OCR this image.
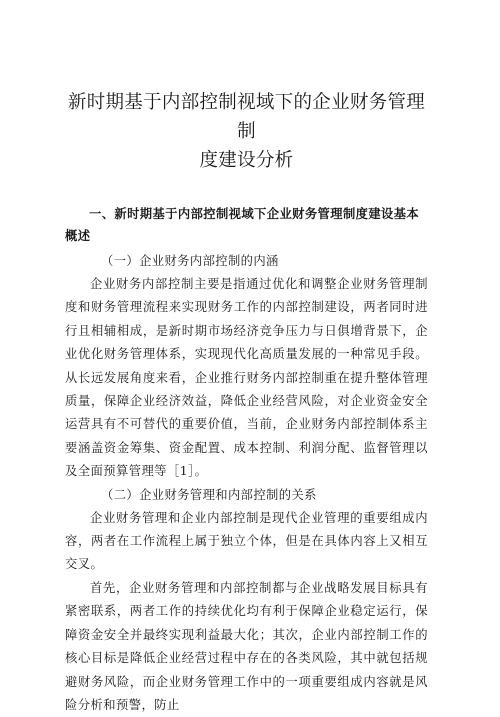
新时期基于内部控制视域下的企业财务管理制
度建设分析

一、新时期基于内部控制视域下企业财务管理制度建设基本概述

（一）企业财务内部控制的内涵

企业财务内部控制主要是指通过优化和调整企业财务管理制度和财务管理流程来实现财务工作的内部控制建设，两者同时进行且相辅相成，是新时期市场经济竞争压力与日俱增背景下，企业优化财务管理体系，实现现代化高质量发展的一种常见手段。从长远发展角度来看，企业推行财务内部控制重在提升整体管理质量，保障企业经济效益，降低企业经营风险，对企业资金安全运营具有不可替代的重要价值，当前，企业财务内部控制体系主要涵盖资金筹集、资金配置、成本控制、利润分配、监督管理以及全面预算管理等［1］。

（二）企业财务管理和内部控制的关系

企业财务管理和企业内部控制是现代企业管理的重要组成内容，两者在工作流程上属于独立个体，但是在具体内容上又相互交叉。

首先，企业财务管理和内部控制都与企业战略发展目标具有紧密联系，两者工作的持续优化均有利于保障企业稳定运行，保障资金安全并最终实现利益最大化；其次，企业内部控制工作的核心目标是降低企业经营过程中存在的各类风险，其中就包括规避财务风险，而企业财务管理工作中的一项重要组成内容就是风险分析和预警，防止
